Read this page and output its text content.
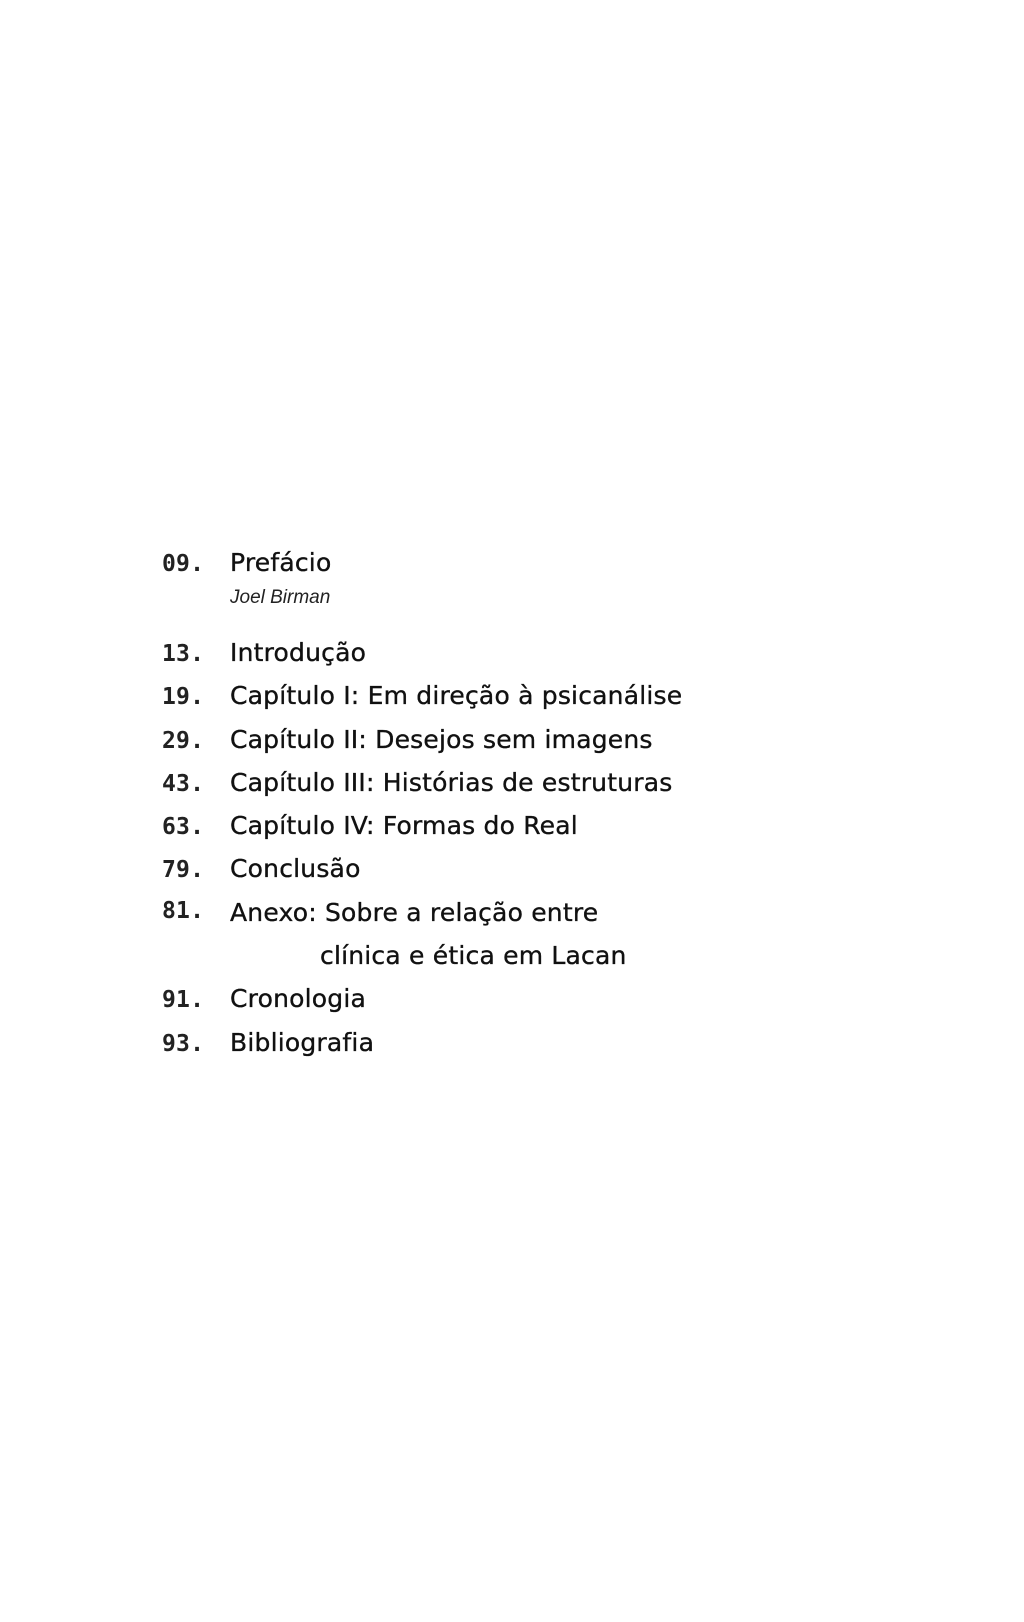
09.	Prefácio
Joel Birman
13.	Introdução
19.	Capítulo I: Em direção à psicanálise
29.	Capítulo II: Desejos sem imagens
43.	Capítulo III: Histórias de estruturas
63.	Capítulo IV: Formas do Real
79.	Conclusão
81.	Anexo: Sobre a relação entre
clínica e ética em Lacan
91.	Cronologia
93.	Bibliografia
